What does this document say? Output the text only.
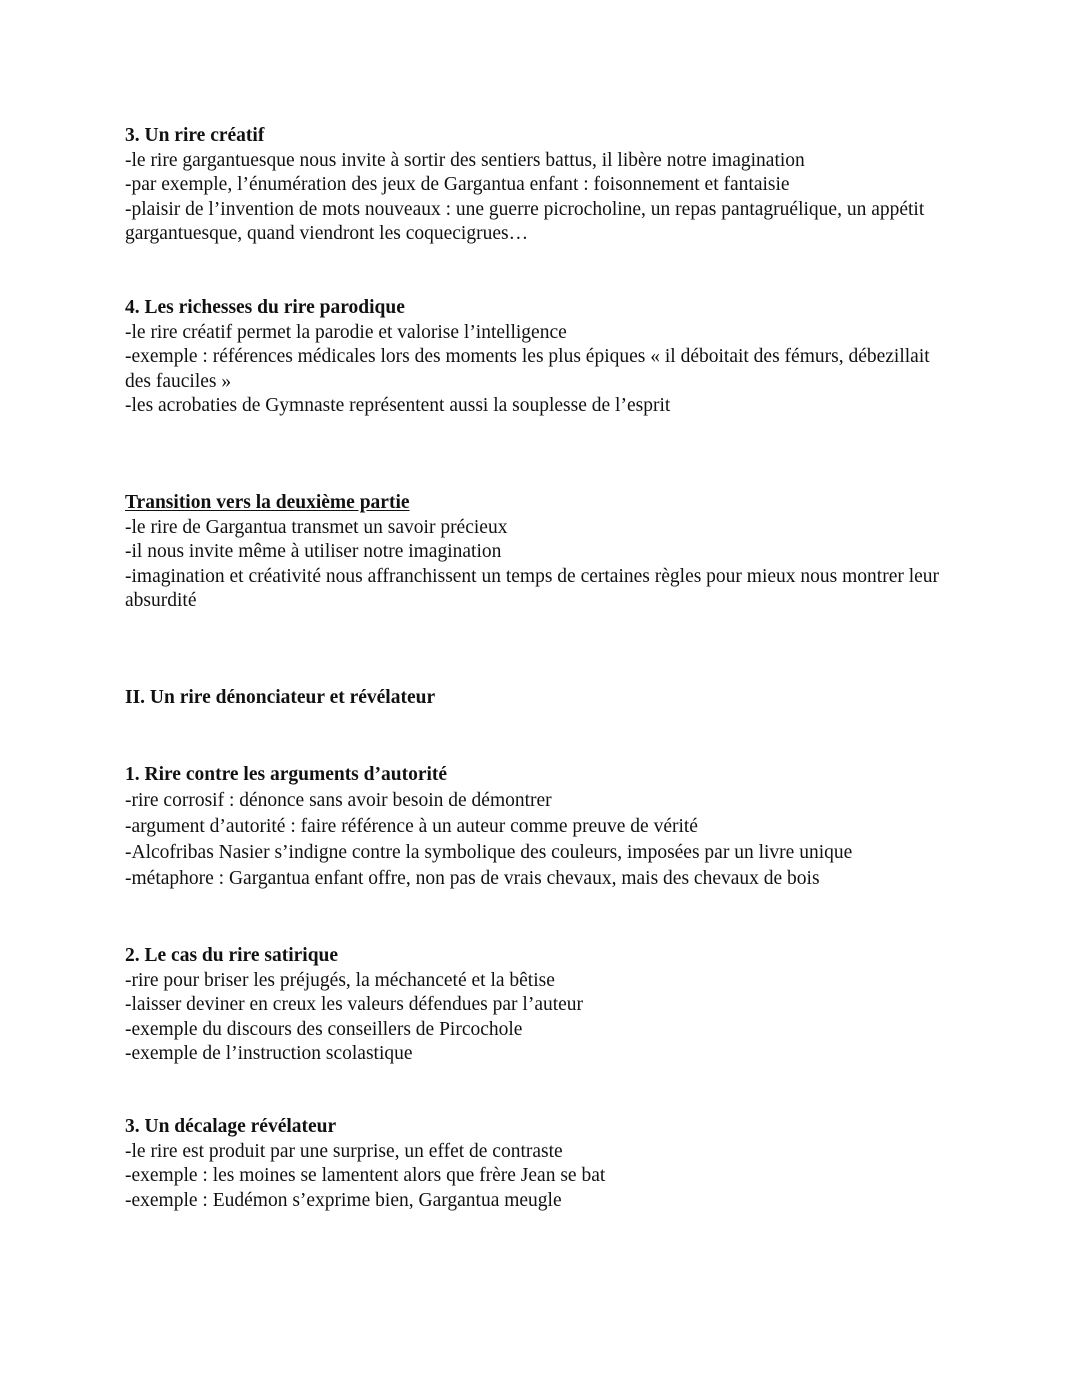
3. Un rire créatif
-le rire gargantuesque nous invite à sortir des sentiers battus, il libère notre imagination
-par exemple, l’énumération des jeux de Gargantua enfant : foisonnement et fantaisie
-plaisir de l’invention de mots nouveaux : une guerre picrocholine, un repas pantagruélique, un appétit gargantuesque, quand viendront les coquecigrues…
4. Les richesses du rire parodique
-le rire créatif permet la parodie et valorise l’intelligence
-exemple : références médicales lors des moments les plus épiques « il déboitait des fémurs, débezillait des fauciles »
-les acrobaties de Gymnaste représentent aussi la souplesse de l’esprit
Transition vers la deuxième partie
-le rire de Gargantua transmet un savoir précieux
-il nous invite même à utiliser notre imagination
-imagination et créativité nous affranchissent un temps de certaines règles pour mieux nous montrer leur absurdité
II. Un rire dénonciateur et révélateur
1. Rire contre les arguments d’autorité
-rire corrosif : dénonce sans avoir besoin de démontrer
-argument d’autorité : faire référence à un auteur comme preuve de vérité
-Alcofribas Nasier s’indigne contre la symbolique des couleurs, imposées par un livre unique
-métaphore : Gargantua enfant offre, non pas de vrais chevaux, mais des chevaux de bois
2. Le cas du rire satirique
-rire pour briser les préjugés, la méchanceté et la bêtise
-laisser deviner en creux les valeurs défendues par l’auteur
-exemple du discours des conseillers de Pircochole
-exemple de l’instruction scolastique
3. Un décalage révélateur
-le rire est produit par une surprise, un effet de contraste
-exemple : les moines se lamentent alors que frère Jean se bat
-exemple : Eudémon s’exprime bien, Gargantua meugle
